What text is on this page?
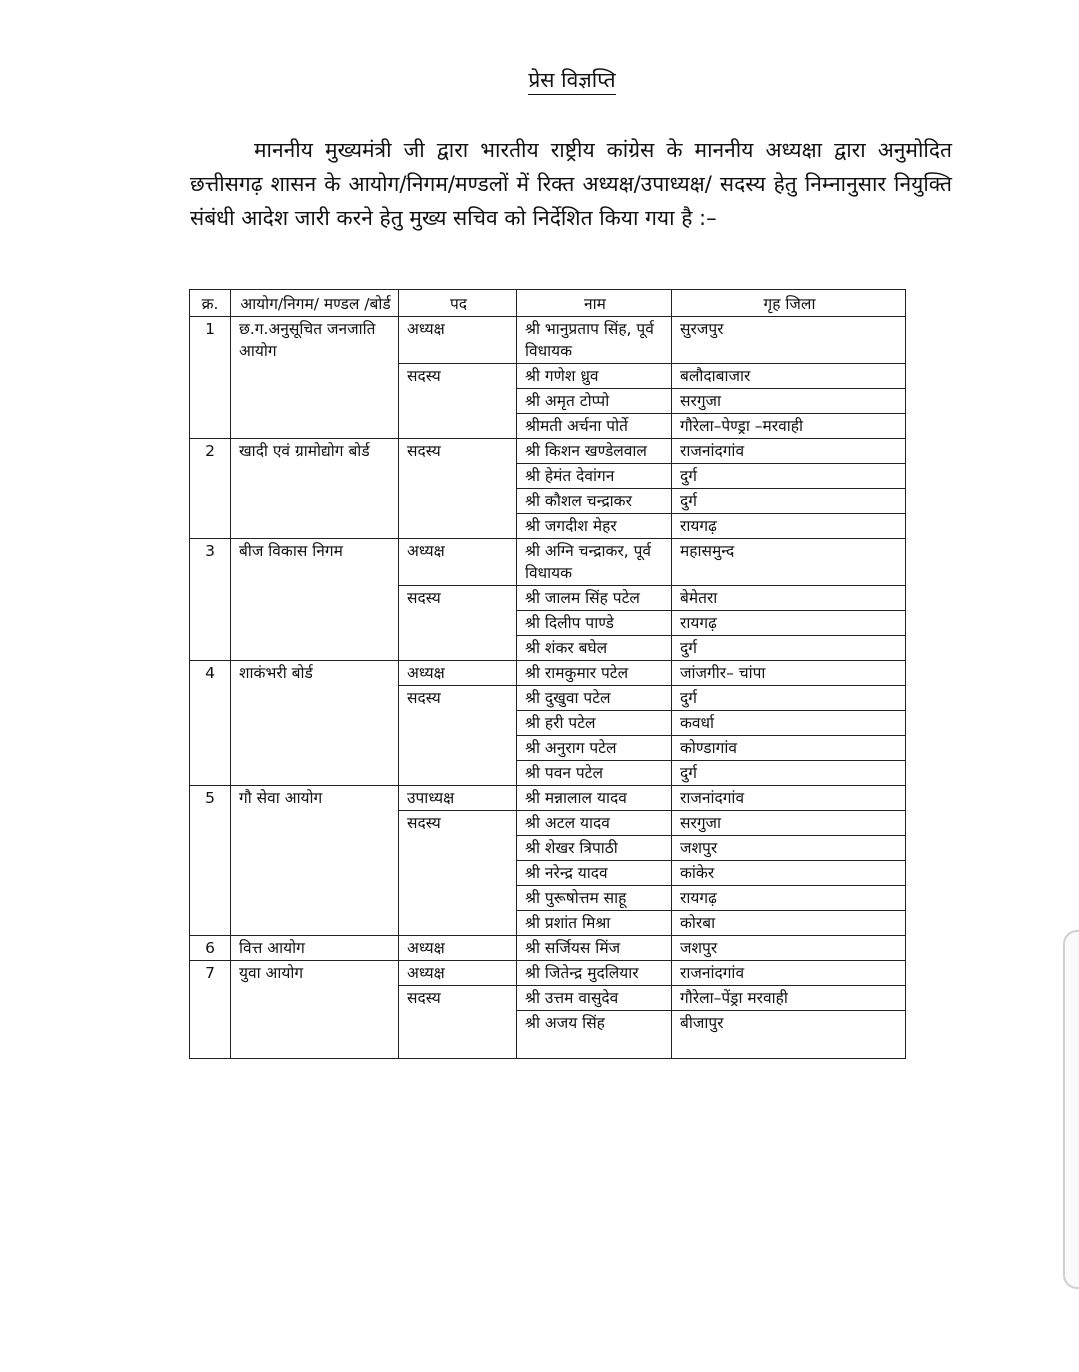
प्रेस विज्ञप्ति

माननीय मुख्यमंत्री जी द्वारा भारतीय राष्ट्रीय कांग्रेस के माननीय अध्यक्षा द्वारा अनुमोदित छत्तीसगढ़ शासन के आयोग/निगम/मण्डलों में रिक्त अध्यक्ष/उपाध्यक्ष/ सदस्य हेतु निम्नानुसार नियुक्ति संबंधी आदेश जारी करने हेतु मुख्य सचिव को निर्देशित किया गया है :–

क्र.	आयोग/निगम/ मण्डल /बोर्ड	पद	नाम	गृह जिला
1	छ.ग.अनुसूचित जनजाति आयोग	अध्यक्ष	श्री भानुप्रताप सिंह, पूर्व विधायक	सुरजपुर
		सदस्य	श्री गणेश ध्रुव	बलौदाबाजार
			श्री अमृत टोप्पो	सरगुजा
			श्रीमती अर्चना पोर्ते	गौरेला–पेण्ड्रा –मरवाही
2	खादी एवं ग्रामोद्योग बोर्ड	सदस्य	श्री किशन खण्डेलवाल	राजनांदगांव
			श्री हेमंत देवांगन	दुर्ग
			श्री कौशल चन्द्राकर	दुर्ग
			श्री जगदीश मेहर	रायगढ़
3	बीज विकास निगम	अध्यक्ष	श्री अग्नि चन्द्राकर, पूर्व विधायक	महासमुन्द
		सदस्य	श्री जालम सिंह पटेल	बेमेतरा
			श्री दिलीप पाण्डे	रायगढ़
			श्री शंकर बघेल	दुर्ग
4	शाकंभरी बोर्ड	अध्यक्ष	श्री रामकुमार पटेल	जांजगीर– चांपा
		सदस्य	श्री दुखुवा पटेल	दुर्ग
			श्री हरी पटेल	कवर्धा
			श्री अनुराग पटेल	कोण्डागांव
			श्री पवन पटेल	दुर्ग
5	गौ सेवा आयोग	उपाध्यक्ष	श्री मन्नालाल यादव	राजनांदगांव
		सदस्य	श्री अटल यादव	सरगुजा
			श्री शेखर त्रिपाठी	जशपुर
			श्री नरेन्द्र यादव	कांकेर
			श्री पुरूषोत्तम साहू	रायगढ़
			श्री प्रशांत मिश्रा	कोरबा
6	वित्त आयोग	अध्यक्ष	श्री सर्जियस मिंज	जशपुर
7	युवा आयोग	अध्यक्ष	श्री जितेन्द्र मुदलियार	राजनांदगांव
		सदस्य	श्री उत्तम वासुदेव	गौरेला–पेंड्रा मरवाही
			श्री अजय सिंह	बीजापुर
